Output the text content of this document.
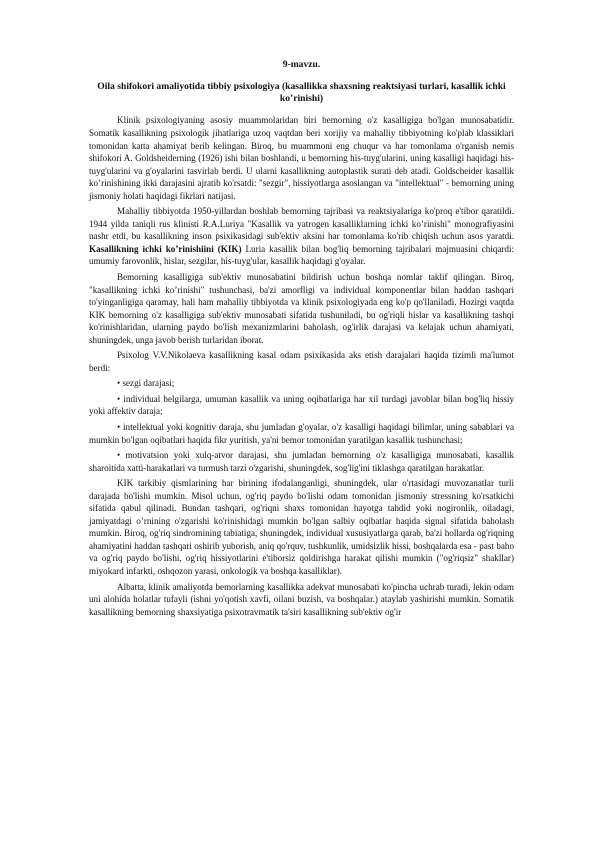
9-mavzu.
Oila shifokori amaliyotida tibbiy psixologiya (kasallikka shaxsning reaktsiyasi turlari, kasallik ichki ko’rinishi)

Klinik psixologiyaning asosiy muammolaridan biri bemorning o'z kasalligiga bo'lgan munosabatidir. Somatik kasallikning psixologik jihatlariga uzoq vaqtdan beri xorijiy va mahalliy tibbiyotning ko'plab klassiklari tomonidan katta ahamiyat berib kelingan. Biroq, bu muammoni eng chuqur va har tomonlama o'rganish nemis shifokori A. Goldsheiderning (1926) ishi bilan boshlandi, u bemorning his-tuyg'ularini, uning kasalligi haqidagi his-tuyg'ularini va g'oyalarini tasvirlab berdi. U ularni kasallikning autoplastik surati deb atadi. Goldscheider kasallik ko’rinishining ikki darajasini ajratib ko'rsatdi: "sezgir", hissiyotlarga asoslangan va "intellektual" - bemorning uning jismoniy holati haqidagi fikrlari natijasi.

Mahalliy tibbiyotda 1950-yillardan boshlab bemorning tajribasi va reaktsiyalariga ko'proq e'tibor qaratildi. 1944 yilda taniqli rus klinisti R.A.Luriya "Kasallik va yatrogen kasalliklarning ichki ko’rinishi" monografiyasini nashr etdi, bu kasallikning inson psixikasidagi sub'ektiv aksini har tomonlama ko'rib chiqish uchun asos yaratdi. Kasallikning ichki ko’rinishiini (KIK) Luria kasallik bilan bog'liq bemorning tajribalari majmuasini chiqardi: umumiy farovonlik, hislar, sezgilar, his-tuyg'ular, kasallik haqidagi g'oyalar.

Bemorning kasalligiga sub'ektiv munosabatini bildirish uchun boshqa nomlar taklif qilingan. Biroq, "kasallikning ichki ko’rinishi" tushunchasi, ba'zi amorfligi va individual komponentlar bilan haddan tashqari to'yinganligiga qaramay, hali ham mahalliy tibbiyotda va klinik psixologiyada eng ko'p qo'llaniladi. Hozirgi vaqtda KIK bemorning o'z kasalligiga sub'ektiv munosabati sifatida tushuniladi, bu og'riqli hislar va kasallikning tashqi ko'rinishlaridan, ularning paydo bo'lish mexanizmlarini baholash, og'irlik darajasi va kelajak uchun ahamiyati, shuningdek, unga javob berish turlaridan iborat.

Psixolog V.V.Nikolaeva kasallikning kasal odam psixikasida aks etish darajalari haqida tizimli ma'lumot berdi:

• sezgi darajasi;

• individual belgilarga, umuman kasallik va uning oqibatlariga har xil turdagi javoblar bilan bog'liq hissiy yoki affektiv daraja;

• intellektual yoki kognitiv daraja, shu jumladan g'oyalar, o'z kasalligi haqidagi bilimlar, uning sabablari va mumkin bo'lgan oqibatlari haqida fikr yuritish, ya'ni bemor tomonidan yaratilgan kasallik tushunchasi;

• motivatsion yoki xulq-atvor darajasi, shu jumladan bemorning o'z kasalligiga munosabati, kasallik sharoitida xatti-harakatlari va turmush tarzi o'zgarishi, shuningdek, sog'lig'ini tiklashga qaratilgan harakatlar.

KIK tarkibiy qismlarining har birining ifodalanganligi, shuningdek, ular o'rtasidagi muvozanatlar turli darajada bo'lishi mumkin. Misol uchun, og'riq paydo bo'lishi odam tomonidan jismoniy stressning ko'rsatkichi sifatida qabul qilinadi. Bundan tashqari, og'riqni shaxs tomonidan hayotga tahdid yoki nogironlik, oiladagi, jamiyatdagi o’rnining o'zgarishi ko'rinishidagi mumkin bo'lgan salbiy oqibatlar haqida signal sifatida baholash mumkin. Biroq, og'riq sindromining tabiatiga, shuningdek, individual xususiyatlarga qarab, ba'zi hollarda og'riqning ahamiyatini haddan tashqari oshirib yuborish, aniq qo'rquv, tushkunlik, umidsizlik hissi, boshqalarda esa - past baho va og'riq paydo bo'lishi, og'riq hissiyotlarini e'tiborsiz qoldirishga harakat qilishi mumkin ("og'riqsiz" shakllar) miyokard infarkti, oshqozon yarasi, onkologik va boshqa kasalliklar).

Albatta, klinik amaliyotda bemorlarning kasallikka adekvat munosabati ko'pincha uchrab turadi, lekin odam uni alohida holatlar tufayli (ishni yo'qotish xavfi, oilani buzish, va boshqalar.) ataylab yashirishi mumkin. Somatik kasallikning bemorning shaxsiyatiga psixotravmatik ta'siri kasallikning sub'ektiv og'ir
